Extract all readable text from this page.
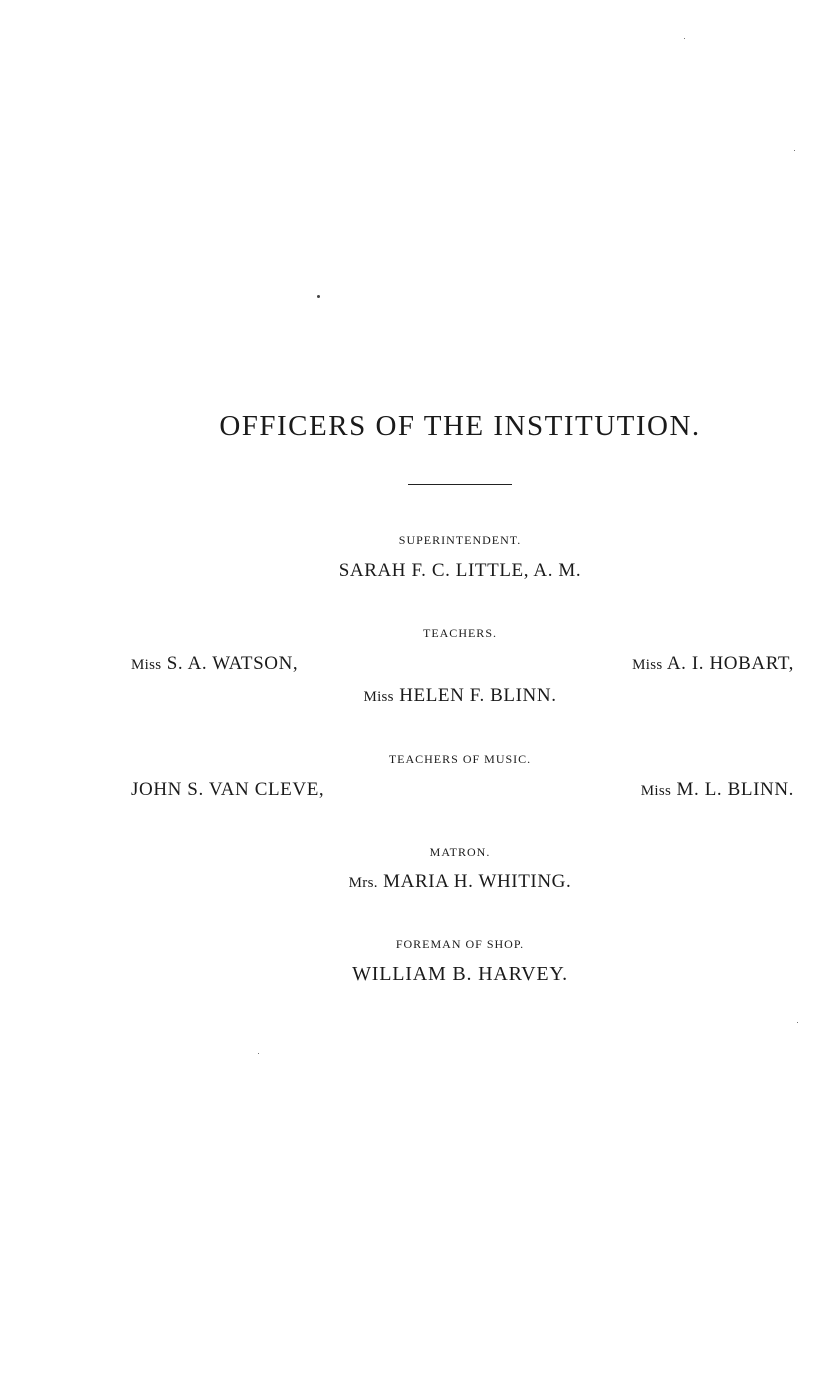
OFFICERS OF THE INSTITUTION.
SUPERINTENDENT.
SARAH F. C. LITTLE, A. M.
TEACHERS.
Miss S. A. WATSON,	Miss A. I. HOBART,
Miss HELEN F. BLINN.
TEACHERS OF MUSIC.
JOHN S. VAN CLEVE,	Miss M. L. BLINN.
MATRON.
Mrs. MARIA H. WHITING.
FOREMAN OF SHOP.
WILLIAM B. HARVEY.
